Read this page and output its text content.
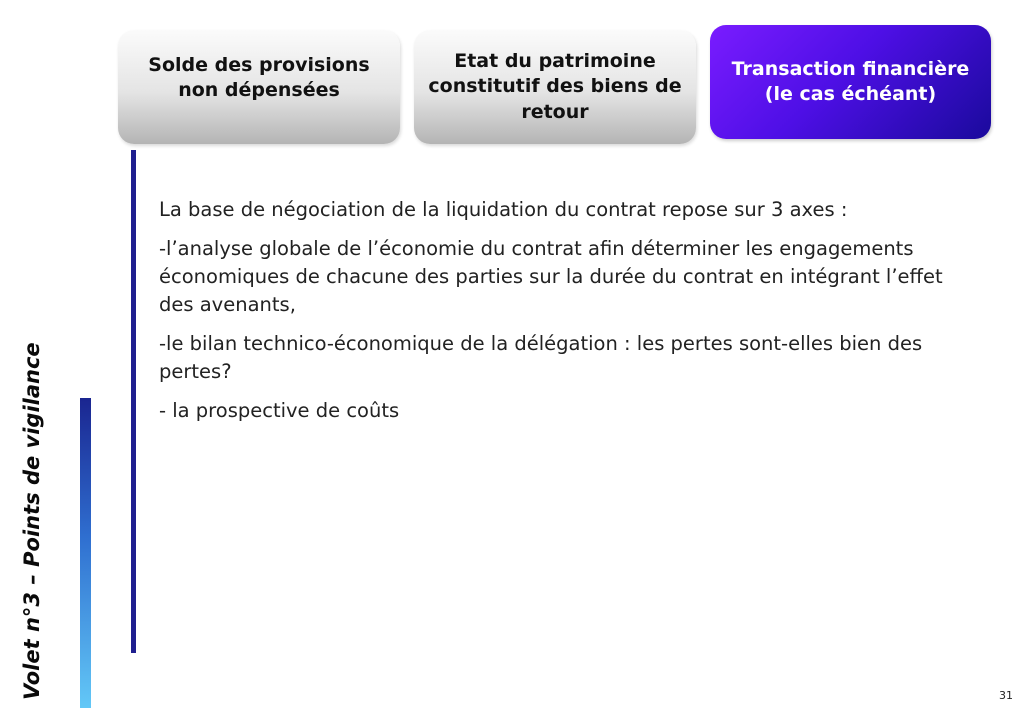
Solde des provisions non dépensées
Etat du patrimoine constitutif des biens de retour
Transaction financière (le cas échéant)

La base de négociation de la liquidation du contrat repose sur 3 axes :

-l’analyse globale de l’économie du contrat afin déterminer les engagements économiques de chacune des parties sur la durée du contrat en intégrant l’effet des avenants,

-le bilan technico-économique de la délégation : les pertes sont-elles bien des pertes?

- la prospective de coûts

Volet n°3 – Points de vigilance	31
